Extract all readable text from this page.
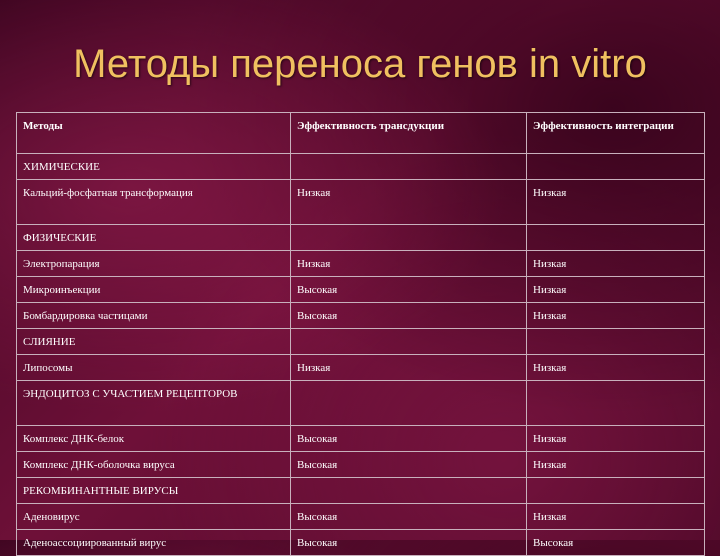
Методы переноса генов in vitro
Методы	Эффективность трансдукции	Эффективность интеграции
ХИМИЧЕСКИЕ		
Кальций-фосфатная трансформация	Низкая	Низкая
ФИЗИЧЕСКИЕ		
Электропарация	Низкая	Низкая
Микроинъекции	Высокая	Низкая
Бомбардировка частицами	Высокая	Низкая
СЛИЯНИЕ		
Липосомы	Низкая	Низкая
ЭНДОЦИТОЗ С УЧАСТИЕМ РЕЦЕПТОРОВ		
Комплекс ДНК-белок	Высокая	Низкая
Комплекс ДНК-оболочка вируса	Высокая	Низкая
РЕКОМБИНАНТНЫЕ ВИРУСЫ		
Аденовирус	Высокая	Низкая
Аденоассоциированный вирус	Высокая	Высокая
